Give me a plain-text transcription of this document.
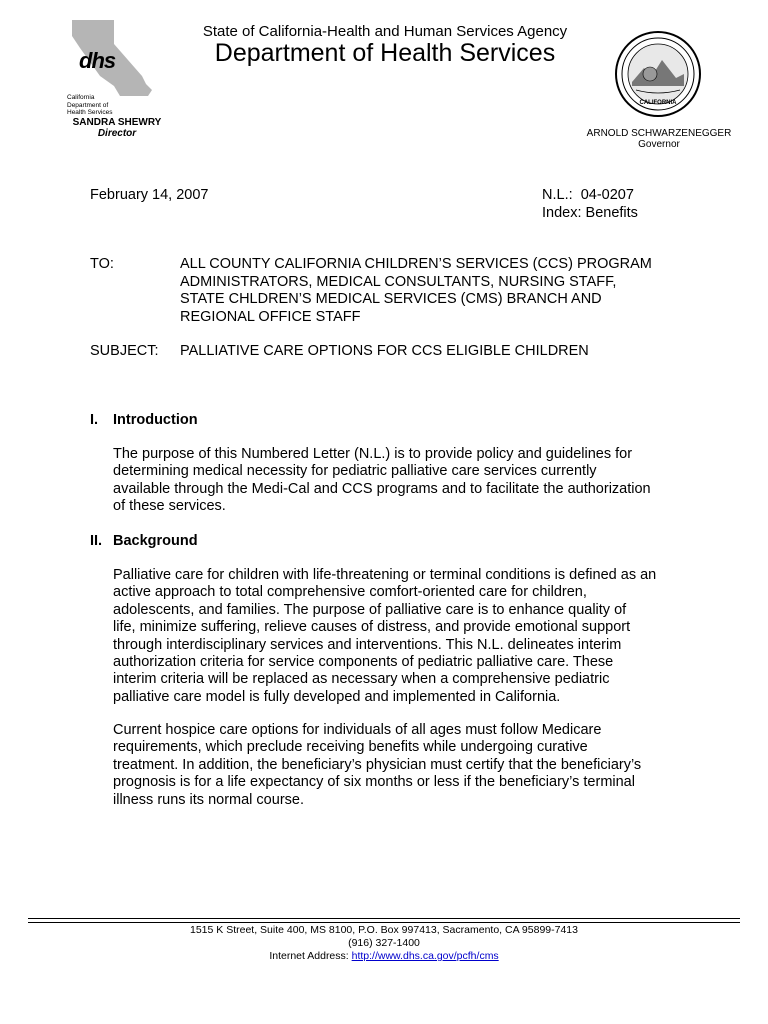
dhs
California
Department of
Health Services
SANDRA SHEWRY
Director
State of California-Health and Human Services Agency
Department of Health Services
CALIFORNIA
ARNOLD SCHWARZENEGGER
Governor
February 14, 2007	N.L.: 04-0207
Index: Benefits
TO:	ALL COUNTY CALIFORNIA CHILDREN’S SERVICES (CCS) PROGRAM
ADMINISTRATORS, MEDICAL CONSULTANTS, NURSING STAFF,
STATE CHLDREN’S MEDICAL SERVICES (CMS) BRANCH AND
REGIONAL OFFICE STAFF
SUBJECT: PALLIATIVE CARE OPTIONS FOR CCS ELIGIBLE CHILDREN
I. Introduction
The purpose of this Numbered Letter (N.L.) is to provide policy and guidelines for
determining medical necessity for pediatric palliative care services currently
available through the Medi-Cal and CCS programs and to facilitate the authorization
of these services.
II. Background
Palliative care for children with life-threatening or terminal conditions is defined as an
active approach to total comprehensive comfort-oriented care for children,
adolescents, and families. The purpose of palliative care is to enhance quality of
life, minimize suffering, relieve causes of distress, and provide emotional support
through interdisciplinary services and interventions. This N.L. delineates interim
authorization criteria for service components of pediatric palliative care. These
interim criteria will be replaced as necessary when a comprehensive pediatric
palliative care model is fully developed and implemented in California.
Current hospice care options for individuals of all ages must follow Medicare
requirements, which preclude receiving benefits while undergoing curative
treatment. In addition, the beneficiary’s physician must certify that the beneficiary’s
prognosis is for a life expectancy of six months or less if the beneficiary’s terminal
illness runs its normal course.
1515 K Street, Suite 400, MS 8100, P.O. Box 997413, Sacramento, CA 95899-7413
(916) 327-1400
Internet Address: http://www.dhs.ca.gov/pcfh/cms
